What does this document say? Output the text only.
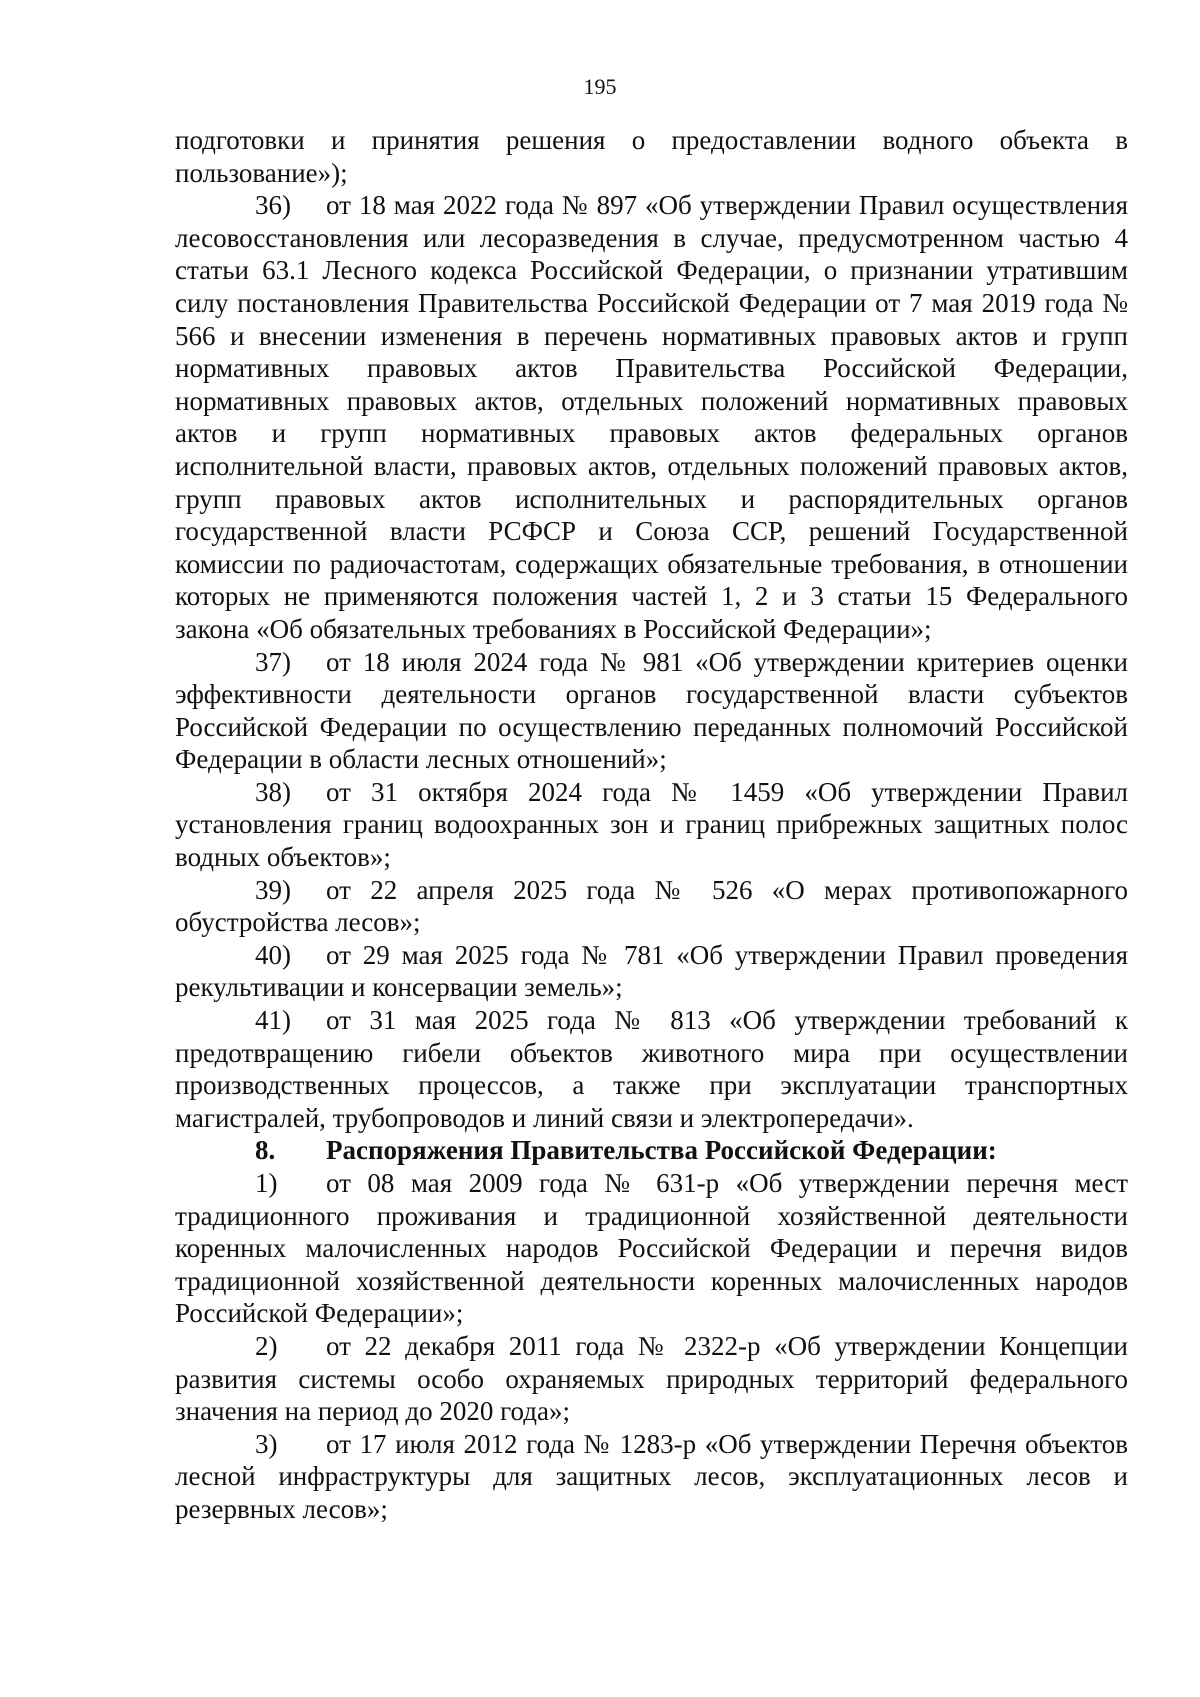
195

подготовки и принятия решения о предоставлении водного объекта в пользование»);

36) от 18 мая 2022 года № 897 «Об утверждении Правил осуществления лесовосстановления или лесоразведения в случае, предусмотренном частью 4 статьи 63.1 Лесного кодекса Российской Федерации, о признании утратившим силу постановления Правительства Российской Федерации от 7 мая 2019 года № 566 и внесении изменения в перечень нормативных правовых актов и групп нормативных правовых актов Правительства Российской Федерации, нормативных правовых актов, отдельных положений нормативных правовых актов и групп нормативных правовых актов федеральных органов исполнительной власти, правовых актов, отдельных положений правовых актов, групп правовых актов исполнительных и распорядительных органов государственной власти РСФСР и Союза ССР, решений Государственной комиссии по радиочастотам, содержащих обязательные требования, в отношении которых не применяются положения частей 1, 2 и 3 статьи 15 Федерального закона «Об обязательных требованиях в Российской Федерации»;

37) от 18 июля 2024 года № 981 «Об утверждении критериев оценки эффективности деятельности органов государственной власти субъектов Российской Федерации по осуществлению переданных полномочий Российской Федерации в области лесных отношений»;

38) от 31 октября 2024 года № 1459 «Об утверждении Правил установления границ водоохранных зон и границ прибрежных защитных полос водных объектов»;

39) от 22 апреля 2025 года № 526 «О мерах противопожарного обустройства лесов»;

40) от 29 мая 2025 года № 781 «Об утверждении Правил проведения рекультивации и консервации земель»;

41) от 31 мая 2025 года № 813 «Об утверждении требований к предотвращению гибели объектов животного мира при осуществлении производственных процессов, а также при эксплуатации транспортных магистралей, трубопроводов и линий связи и электропередачи».

8. Распоряжения Правительства Российской Федерации:

1) от 08 мая 2009 года № 631-р «Об утверждении перечня мест традиционного проживания и традиционной хозяйственной деятельности коренных малочисленных народов Российской Федерации и перечня видов традиционной хозяйственной деятельности коренных малочисленных народов Российской Федерации»;

2) от 22 декабря 2011 года № 2322-р «Об утверждении Концепции развития системы особо охраняемых природных территорий федерального значения на период до 2020 года»;

3) от 17 июля 2012 года № 1283-р «Об утверждении Перечня объектов лесной инфраструктуры для защитных лесов, эксплуатационных лесов и резервных лесов»;
